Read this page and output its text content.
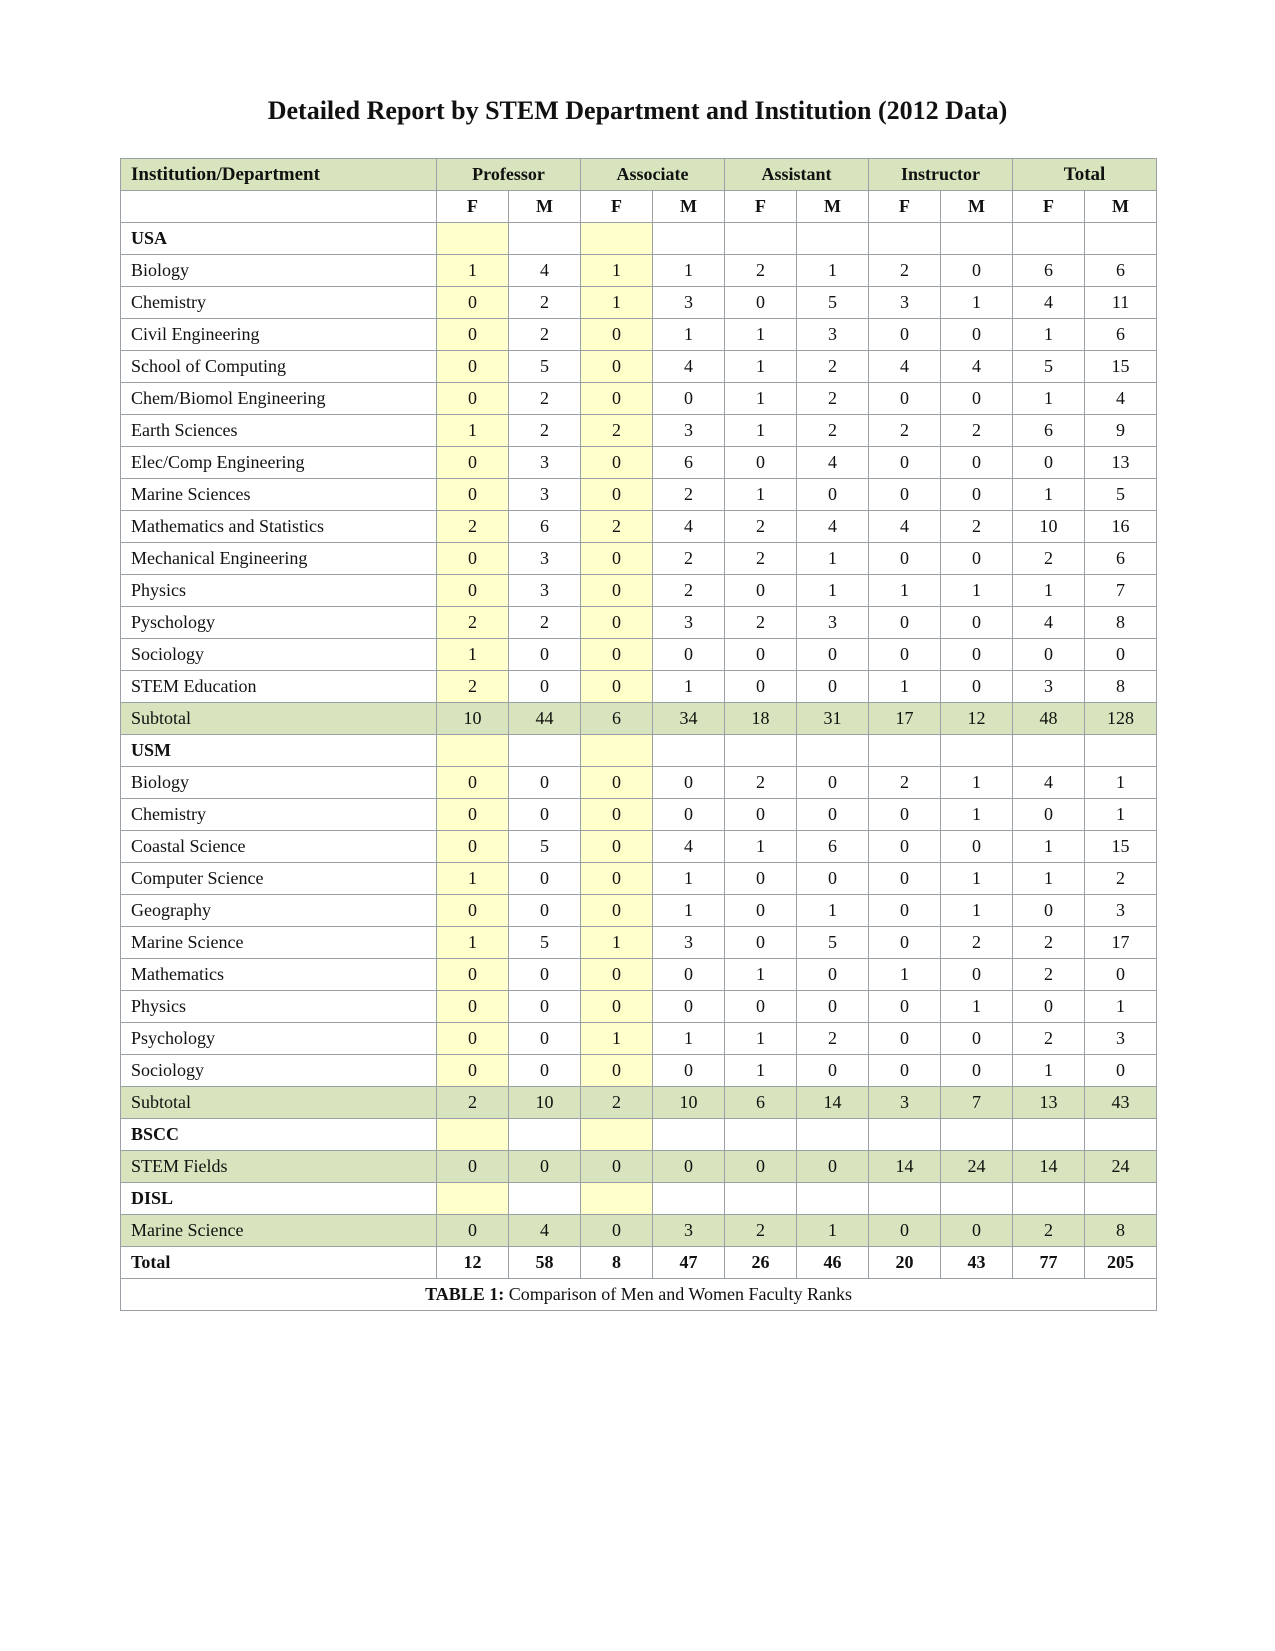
Detailed Report by STEM Department and Institution (2012 Data)
Institution/Department	Professor		Associate		Assistant		Instructor		Total	
	F	M	F	M	F	M	F	M	F	M
USA										
Biology	1	4	1	1	2	1	2	0	6	6
Chemistry	0	2	1	3	0	5	3	1	4	11
Civil Engineering	0	2	0	1	1	3	0	0	1	6
School of Computing	0	5	0	4	1	2	4	4	5	15
Chem/Biomol Engineering	0	2	0	0	1	2	0	0	1	4
Earth Sciences	1	2	2	3	1	2	2	2	6	9
Elec/Comp Engineering	0	3	0	6	0	4	0	0	0	13
Marine Sciences	0	3	0	2	1	0	0	0	1	5
Mathematics and Statistics	2	6	2	4	2	4	4	2	10	16
Mechanical Engineering	0	3	0	2	2	1	0	0	2	6
Physics	0	3	0	2	0	1	1	1	1	7
Pyschology	2	2	0	3	2	3	0	0	4	8
Sociology	1	0	0	0	0	0	0	0	0	0
STEM Education	2	0	0	1	0	0	1	0	3	8
Subtotal	10	44	6	34	18	31	17	12	48	128
USM										
Biology	0	0	0	0	2	0	2	1	4	1
Chemistry	0	0	0	0	0	0	0	1	0	1
Coastal Science	0	5	0	4	1	6	0	0	1	15
Computer Science	1	0	0	1	0	0	0	1	1	2
Geography	0	0	0	1	0	1	0	1	0	3
Marine Science	1	5	1	3	0	5	0	2	2	17
Mathematics	0	0	0	0	1	0	1	0	2	0
Physics	0	0	0	0	0	0	0	1	0	1
Psychology	0	0	1	1	1	2	0	0	2	3
Sociology	0	0	0	0	1	0	0	0	1	0
Subtotal	2	10	2	10	6	14	3	7	13	43
BSCC										
STEM Fields	0	0	0	0	0	0	14	24	14	24
DISL										
Marine Science	0	4	0	3	2	1	0	0	2	8
Total	12	58	8	47	26	46	20	43	77	205
TABLE 1: Comparison of Men and Women Faculty Ranks										
